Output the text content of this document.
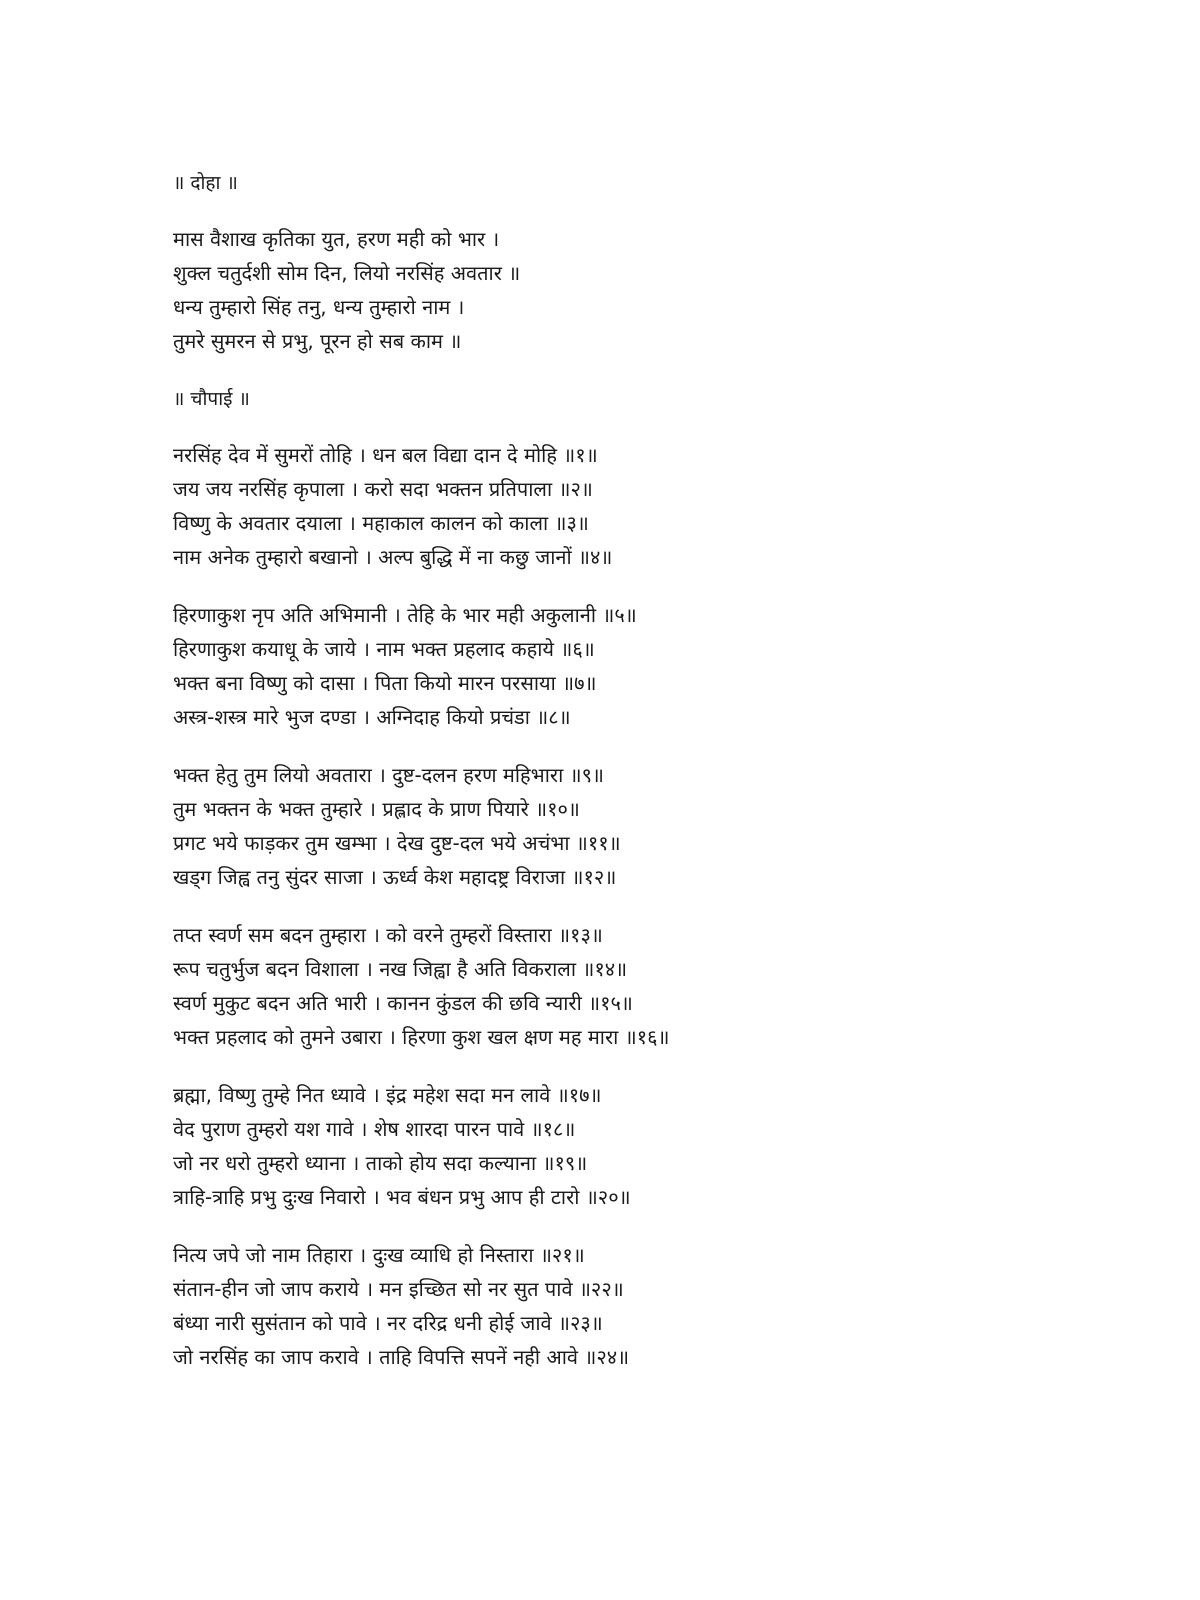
॥ दोहा ॥
मास वैशाख कृतिका युत, हरण मही को भार ।
शुक्ल चतुर्दशी सोम दिन, लियो नरसिंह अवतार ॥
धन्य तुम्हारो सिंह तनु, धन्य तुम्हारो नाम ।
तुमरे सुमरन से प्रभु, पूरन हो सब काम ॥
॥ चौपाई ॥
नरसिंह देव में सुमरों तोहि । धन बल विद्या दान दे मोहि ॥१॥
जय जय नरसिंह कृपाला । करो सदा भक्तन प्रतिपाला ॥२॥
विष्णु के अवतार दयाला । महाकाल कालन को काला ॥३॥
नाम अनेक तुम्हारो बखानो । अल्प बुद्धि में ना कछु जानों ॥४॥
हिरणाकुश नृप अति अभिमानी । तेहि के भार मही अकुलानी ॥५॥
हिरणाकुश कयाधू के जाये । नाम भक्त प्रहलाद कहाये ॥६॥
भक्त बना विष्णु को दासा । पिता कियो मारन परसाया ॥७॥
अस्त्र-शस्त्र मारे भुज दण्डा । अग्निदाह कियो प्रचंडा ॥८॥
भक्त हेतु तुम लियो अवतारा । दुष्ट-दलन हरण महिभारा ॥९॥
तुम भक्तन के भक्त तुम्हारे । प्रह्लाद के प्राण पियारे ॥१०॥
प्रगट भये फाड़कर तुम खम्भा । देख दुष्ट-दल भये अचंभा ॥११॥
खड्ग जिह्व तनु सुंदर साजा । ऊर्ध्व केश महादष्ट्र विराजा ॥१२॥
तप्त स्वर्ण सम बदन तुम्हारा । को वरने तुम्हरों विस्तारा ॥१३॥
रूप चतुर्भुज बदन विशाला । नख जिह्वा है अति विकराला ॥१४॥
स्वर्ण मुकुट बदन अति भारी । कानन कुंडल की छवि न्यारी ॥१५॥
भक्त प्रहलाद को तुमने उबारा । हिरणा कुश खल क्षण मह मारा ॥१६॥
ब्रह्मा, विष्णु तुम्हे नित ध्यावे । इंद्र महेश सदा मन लावे ॥१७॥
वेद पुराण तुम्हरो यश गावे । शेष शारदा पारन पावे ॥१८॥
जो नर धरो तुम्हरो ध्याना । ताको होय सदा कल्याना ॥१९॥
त्राहि-त्राहि प्रभु दुःख निवारो । भव बंधन प्रभु आप ही टारो ॥२०॥
नित्य जपे जो नाम तिहारा । दुःख व्याधि हो निस्तारा ॥२१॥
संतान-हीन जो जाप कराये । मन इच्छित सो नर सुत पावे ॥२२॥
बंध्या नारी सुसंतान को पावे । नर दरिद्र धनी होई जावे ॥२३॥
जो नरसिंह का जाप करावे । ताहि विपत्ति सपनें नही आवे ॥२४॥
